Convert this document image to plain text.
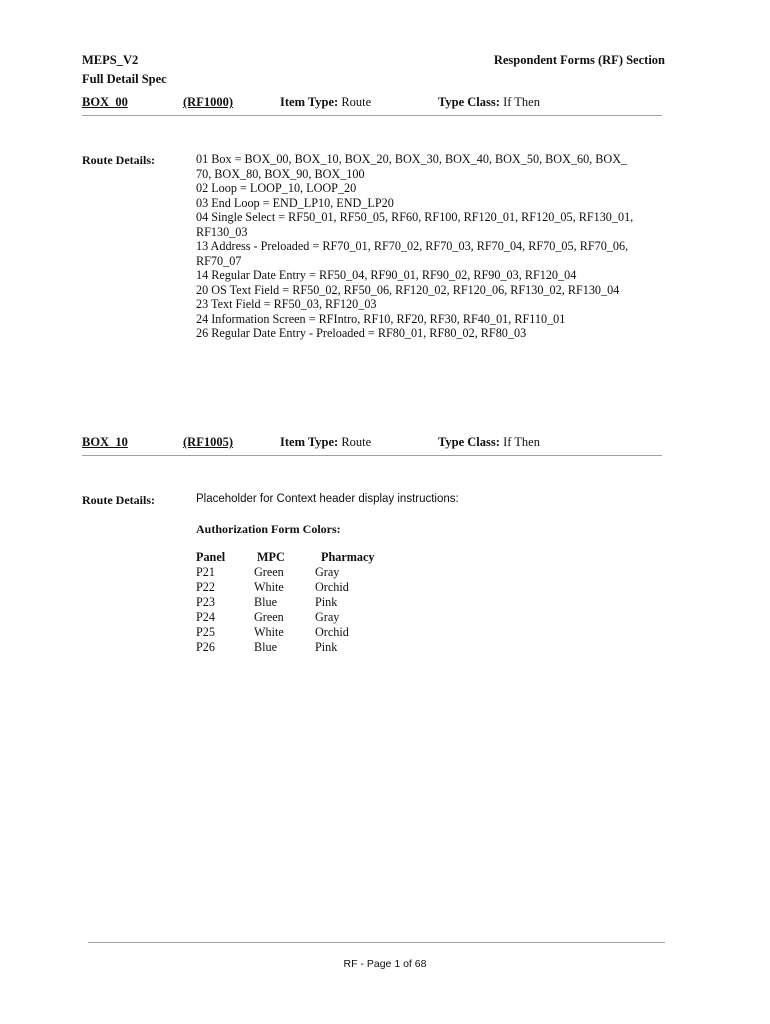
MEPS_V2
Full Detail Spec
Respondent Forms (RF) Section
BOX_00	(RF1000)	Item Type: Route	Type Class: If Then
Route Details:	01 Box = BOX_00, BOX_10, BOX_20, BOX_30, BOX_40, BOX_50, BOX_60, BOX_
70, BOX_80, BOX_90, BOX_100
02 Loop = LOOP_10, LOOP_20
03 End Loop = END_LP10, END_LP20
04 Single Select = RF50_01, RF50_05, RF60, RF100, RF120_01, RF120_05, RF130_01,
RF130_03
13 Address - Preloaded = RF70_01, RF70_02, RF70_03, RF70_04, RF70_05, RF70_06,
RF70_07
14 Regular Date Entry = RF50_04, RF90_01, RF90_02, RF90_03, RF120_04
20 OS Text Field = RF50_02, RF50_06, RF120_02, RF120_06, RF130_02, RF130_04
23 Text Field = RF50_03, RF120_03
24 Information Screen = RFIntro, RF10, RF20, RF30, RF40_01, RF110_01
26 Regular Date Entry - Preloaded = RF80_01, RF80_02, RF80_03
BOX_10	(RF1005)	Item Type: Route	Type Class: If Then
Route Details:	Placeholder for Context header display instructions:
Authorization Form Colors:
Panel	MPC	Pharmacy
P21	Green	Gray
P22	White	Orchid
P23	Blue	Pink
P24	Green	Gray
P25	White	Orchid
P26	Blue	Pink
RF - Page 1 of 68
